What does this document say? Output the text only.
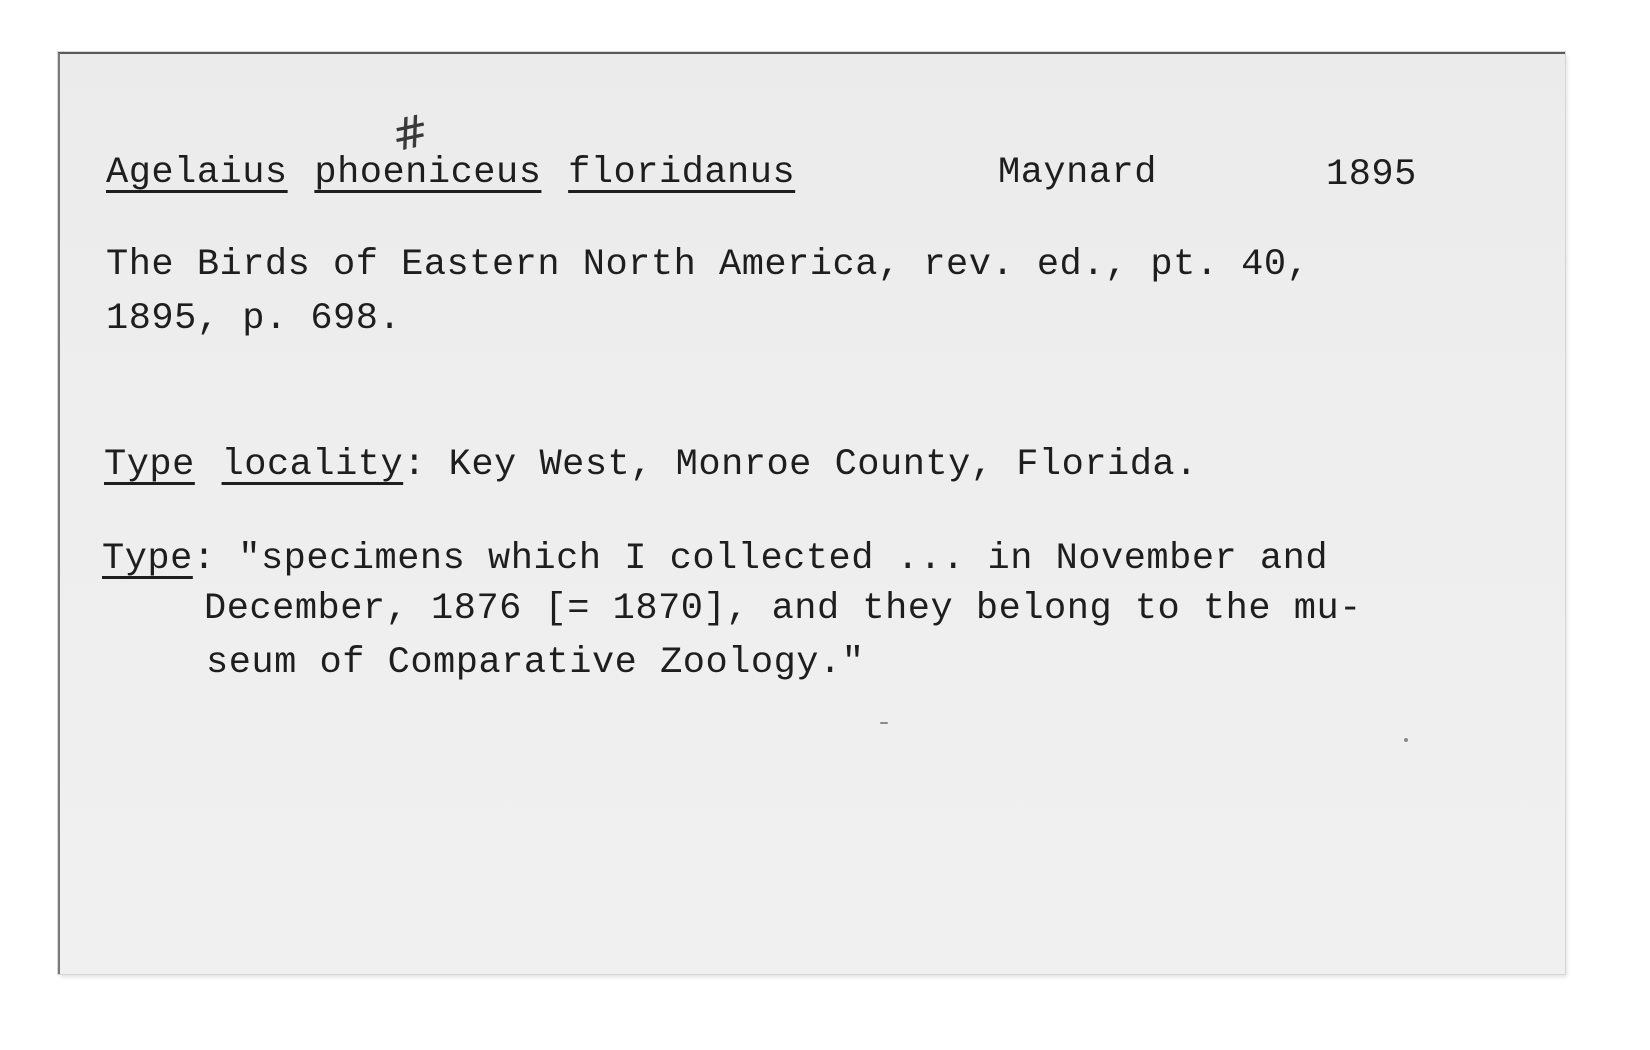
#
Agelaius phoeniceus floridanus	Maynard	1895
The Birds of Eastern North America, rev. ed., pt. 40,
1895, p. 698.
Type locality: Key West, Monroe County, Florida.
Type: "specimens which I collected ... in November and
December, 1876 [= 1870], and they belong to the mu-
seum of Comparative Zoology."
